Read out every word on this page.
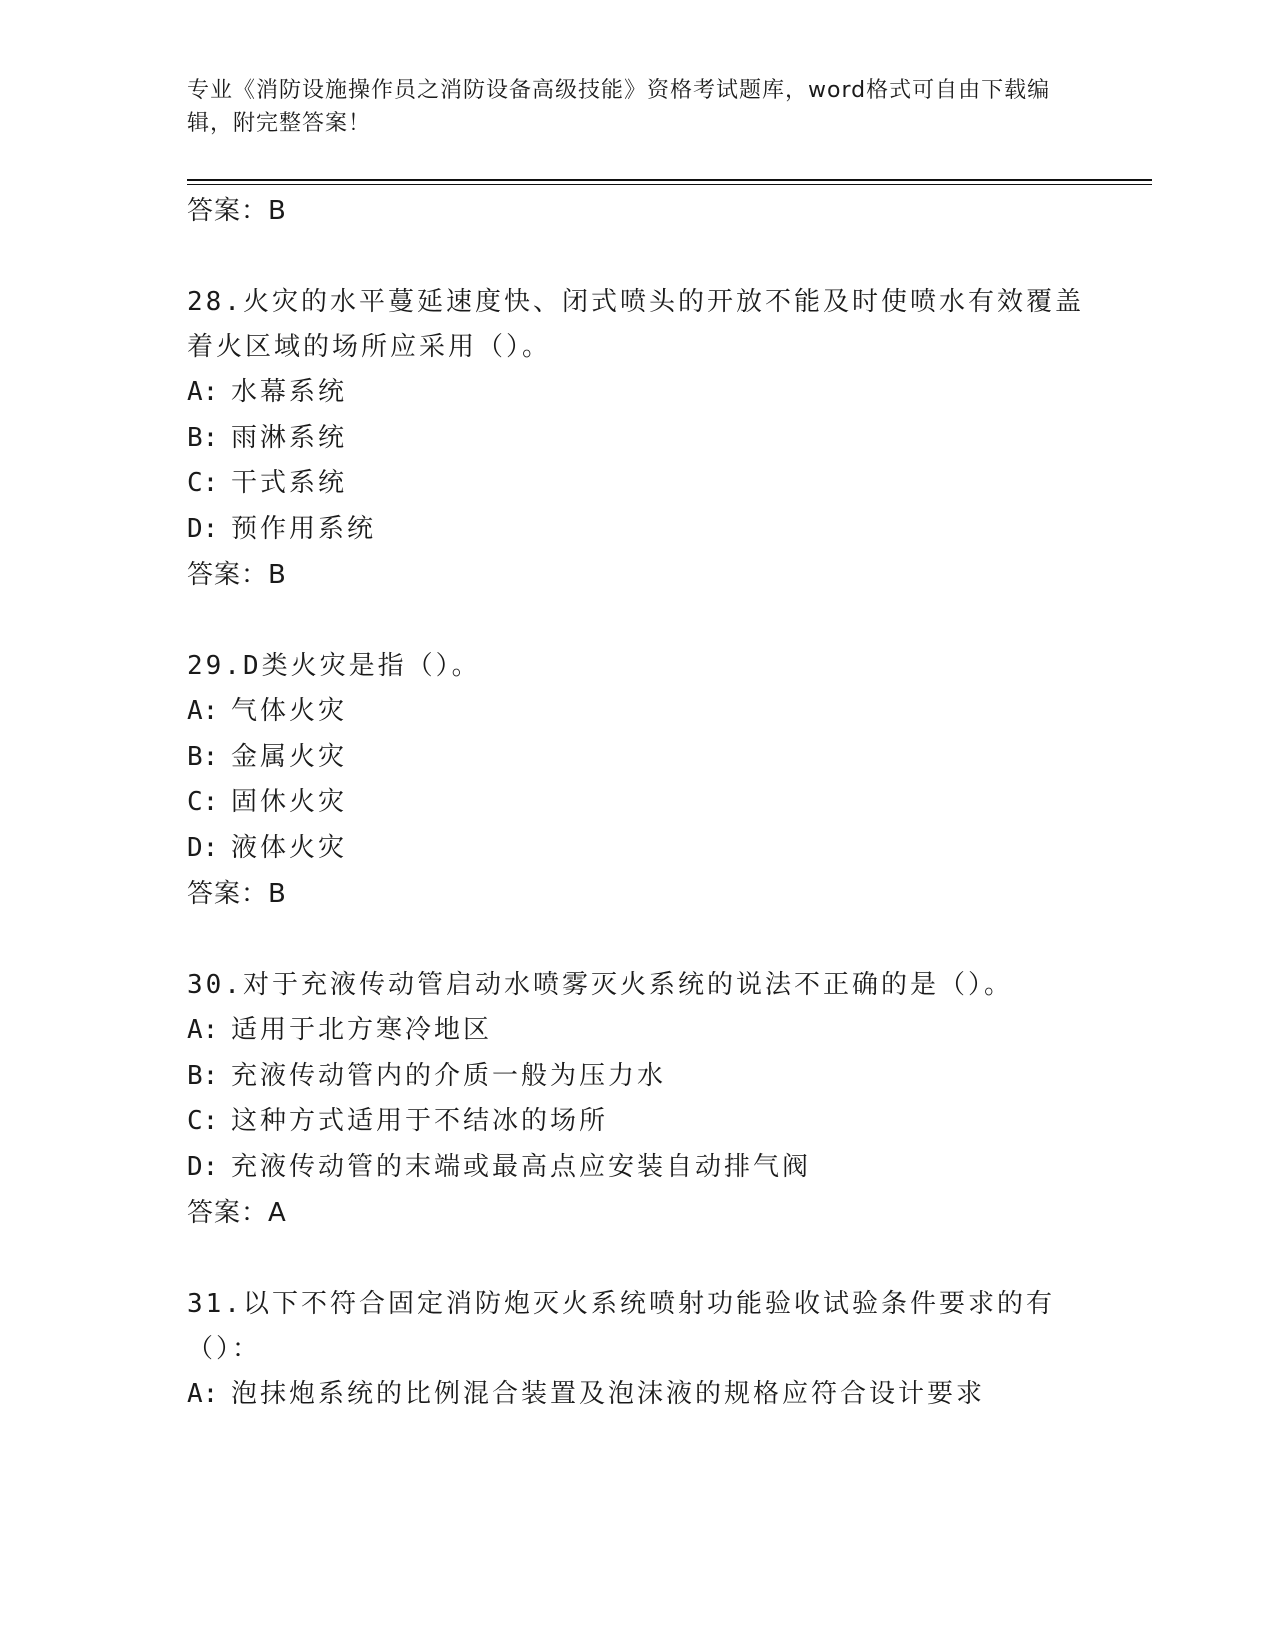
专业《消防设施操作员之消防设备高级技能》资格考试题库，word格式可自由下载编辑，附完整答案！
答案：B
28.火灾的水平蔓延速度快、闭式喷头的开放不能及时使喷水有效覆盖着火区域的场所应采用（）。
A: 水幕系统
B: 雨淋系统
C: 干式系统
D: 预作用系统
答案：B
29.D类火灾是指（）。
A: 气体火灾
B: 金属火灾
C: 固休火灾
D: 液体火灾
答案：B
30.对于充液传动管启动水喷雾灭火系统的说法不正确的是（）。
A: 适用于北方寒冷地区
B: 充液传动管内的介质一般为压力水
C: 这种方式适用于不结冰的场所
D: 充液传动管的末端或最高点应安装自动排气阀
答案：A
31.以下不符合固定消防炮灭火系统喷射功能验收试验条件要求的有（）：
A: 泡抹炮系统的比例混合装置及泡沫液的规格应符合设计要求
